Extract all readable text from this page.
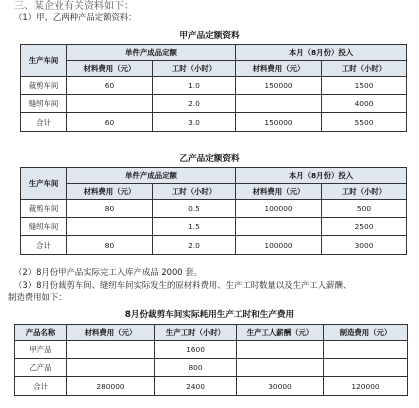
三、某企业有关资料如下：
（1）甲、乙两种产品定额资料：
甲产品定额资料
生产车间	单件产成品定额		本月（8月份）投入	
	材料费用（元）	工时（小时）	材料费用（元）	工时（小时）
裁剪车间	60	1.0	150000	1500
缝纫车间		2.0		4000
合计	60	3.0	150000	5500
乙产品定额资料
生产车间	单件产成品定额		本月（8月份）投入	
	材料费用（元）	工时（小时）	材料费用（元）	工时（小时）
裁剪车间	80	0.5	100000	500
缝纫车间		1.5		2500
合计	80	2.0	100000	3000
（2）8月份甲产品实际完工入库产成品 2000 套。
（3）8月份裁剪车间、缝纫车间实际发生的原材料费用、生产工时数量以及生产工人薪酬、
制造费用如下：
8月份裁剪车间实际耗用生产工时和生产费用
产品名称	材料费用（元）	生产工时（小时）	生产工人薪酬（元）	制造费用（元）
甲产品		1600		
乙产品		800		
合计	280000	2400	30000	120000
